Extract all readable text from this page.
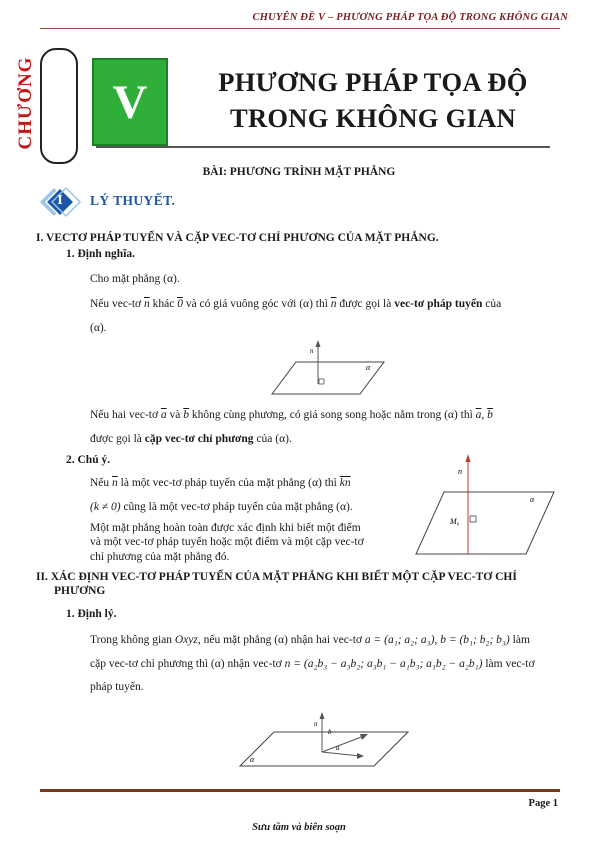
CHUYÊN ĐỀ V – PHƯƠNG PHÁP TỌA ĐỘ TRONG KHÔNG GIAN
CHƯƠNG	V	PHƯƠNG PHÁP TỌA ĐỘ
TRONG KHÔNG GIAN
BÀI: PHƯƠNG TRÌNH MẶT PHẲNG
I	LÝ THUYẾT.
I. VECTƠ PHÁP TUYẾN VÀ CẶP VEC-TƠ CHỈ PHƯƠNG CỦA MẶT PHẲNG.
1. Định nghĩa.
Cho mặt phẳng (α).
Nếu vec-tơ $\overline{n}$ khác 0 và có giá vuông góc với (α) thì $\overline{n}$ được gọi là vec-tơ pháp tuyến của
(α).
n
α
Nếu hai vec-tơ $\overline{a}$ và $\overline{b}$ không cùng phương, có giá song song hoặc nằm trong (α) thì $\overline{a}$, $\overline{b}$
được gọi là cặp vec-tơ chỉ phương của (α).
2. Chú ý.
Nếu $\overline{n}$ là một vec-tơ pháp tuyến của mặt phẳng (α) thì $\overline{kn}$
(k ≠ 0) cũng là một vec-tơ pháp tuyến của mặt phẳng (α).
Một mặt phẳng hoàn toàn được xác định khi biết một điểm
và một vec-tơ pháp tuyến hoặc một điểm và một cặp vec-tơ
chỉ phương của mặt phẳng đó.
n
M₀
α
II. XÁC ĐỊNH VEC-TƠ PHÁP TUYẾN CỦA MẶT PHẲNG KHI BIẾT MỘT CẶP VEC-TƠ CHỈ
PHƯƠNG
1. Định lý.
Trong không gian Oxyz, nếu mặt phẳng (α) nhận hai vec-tơ a = (a₁; a₂; a₃), b = (b₁; b₂; b₃) làm
cặp vec-tơ chỉ phương thì (α) nhận vec-tơ n = (a₂b₃ − a₃b₂; a₃b₁ − a₁b₃; a₁b₂ − a₂b₁) làm vec-tơ
pháp tuyến.
n
b
a
α
Page 1
Sưu tầm và biên soạn
